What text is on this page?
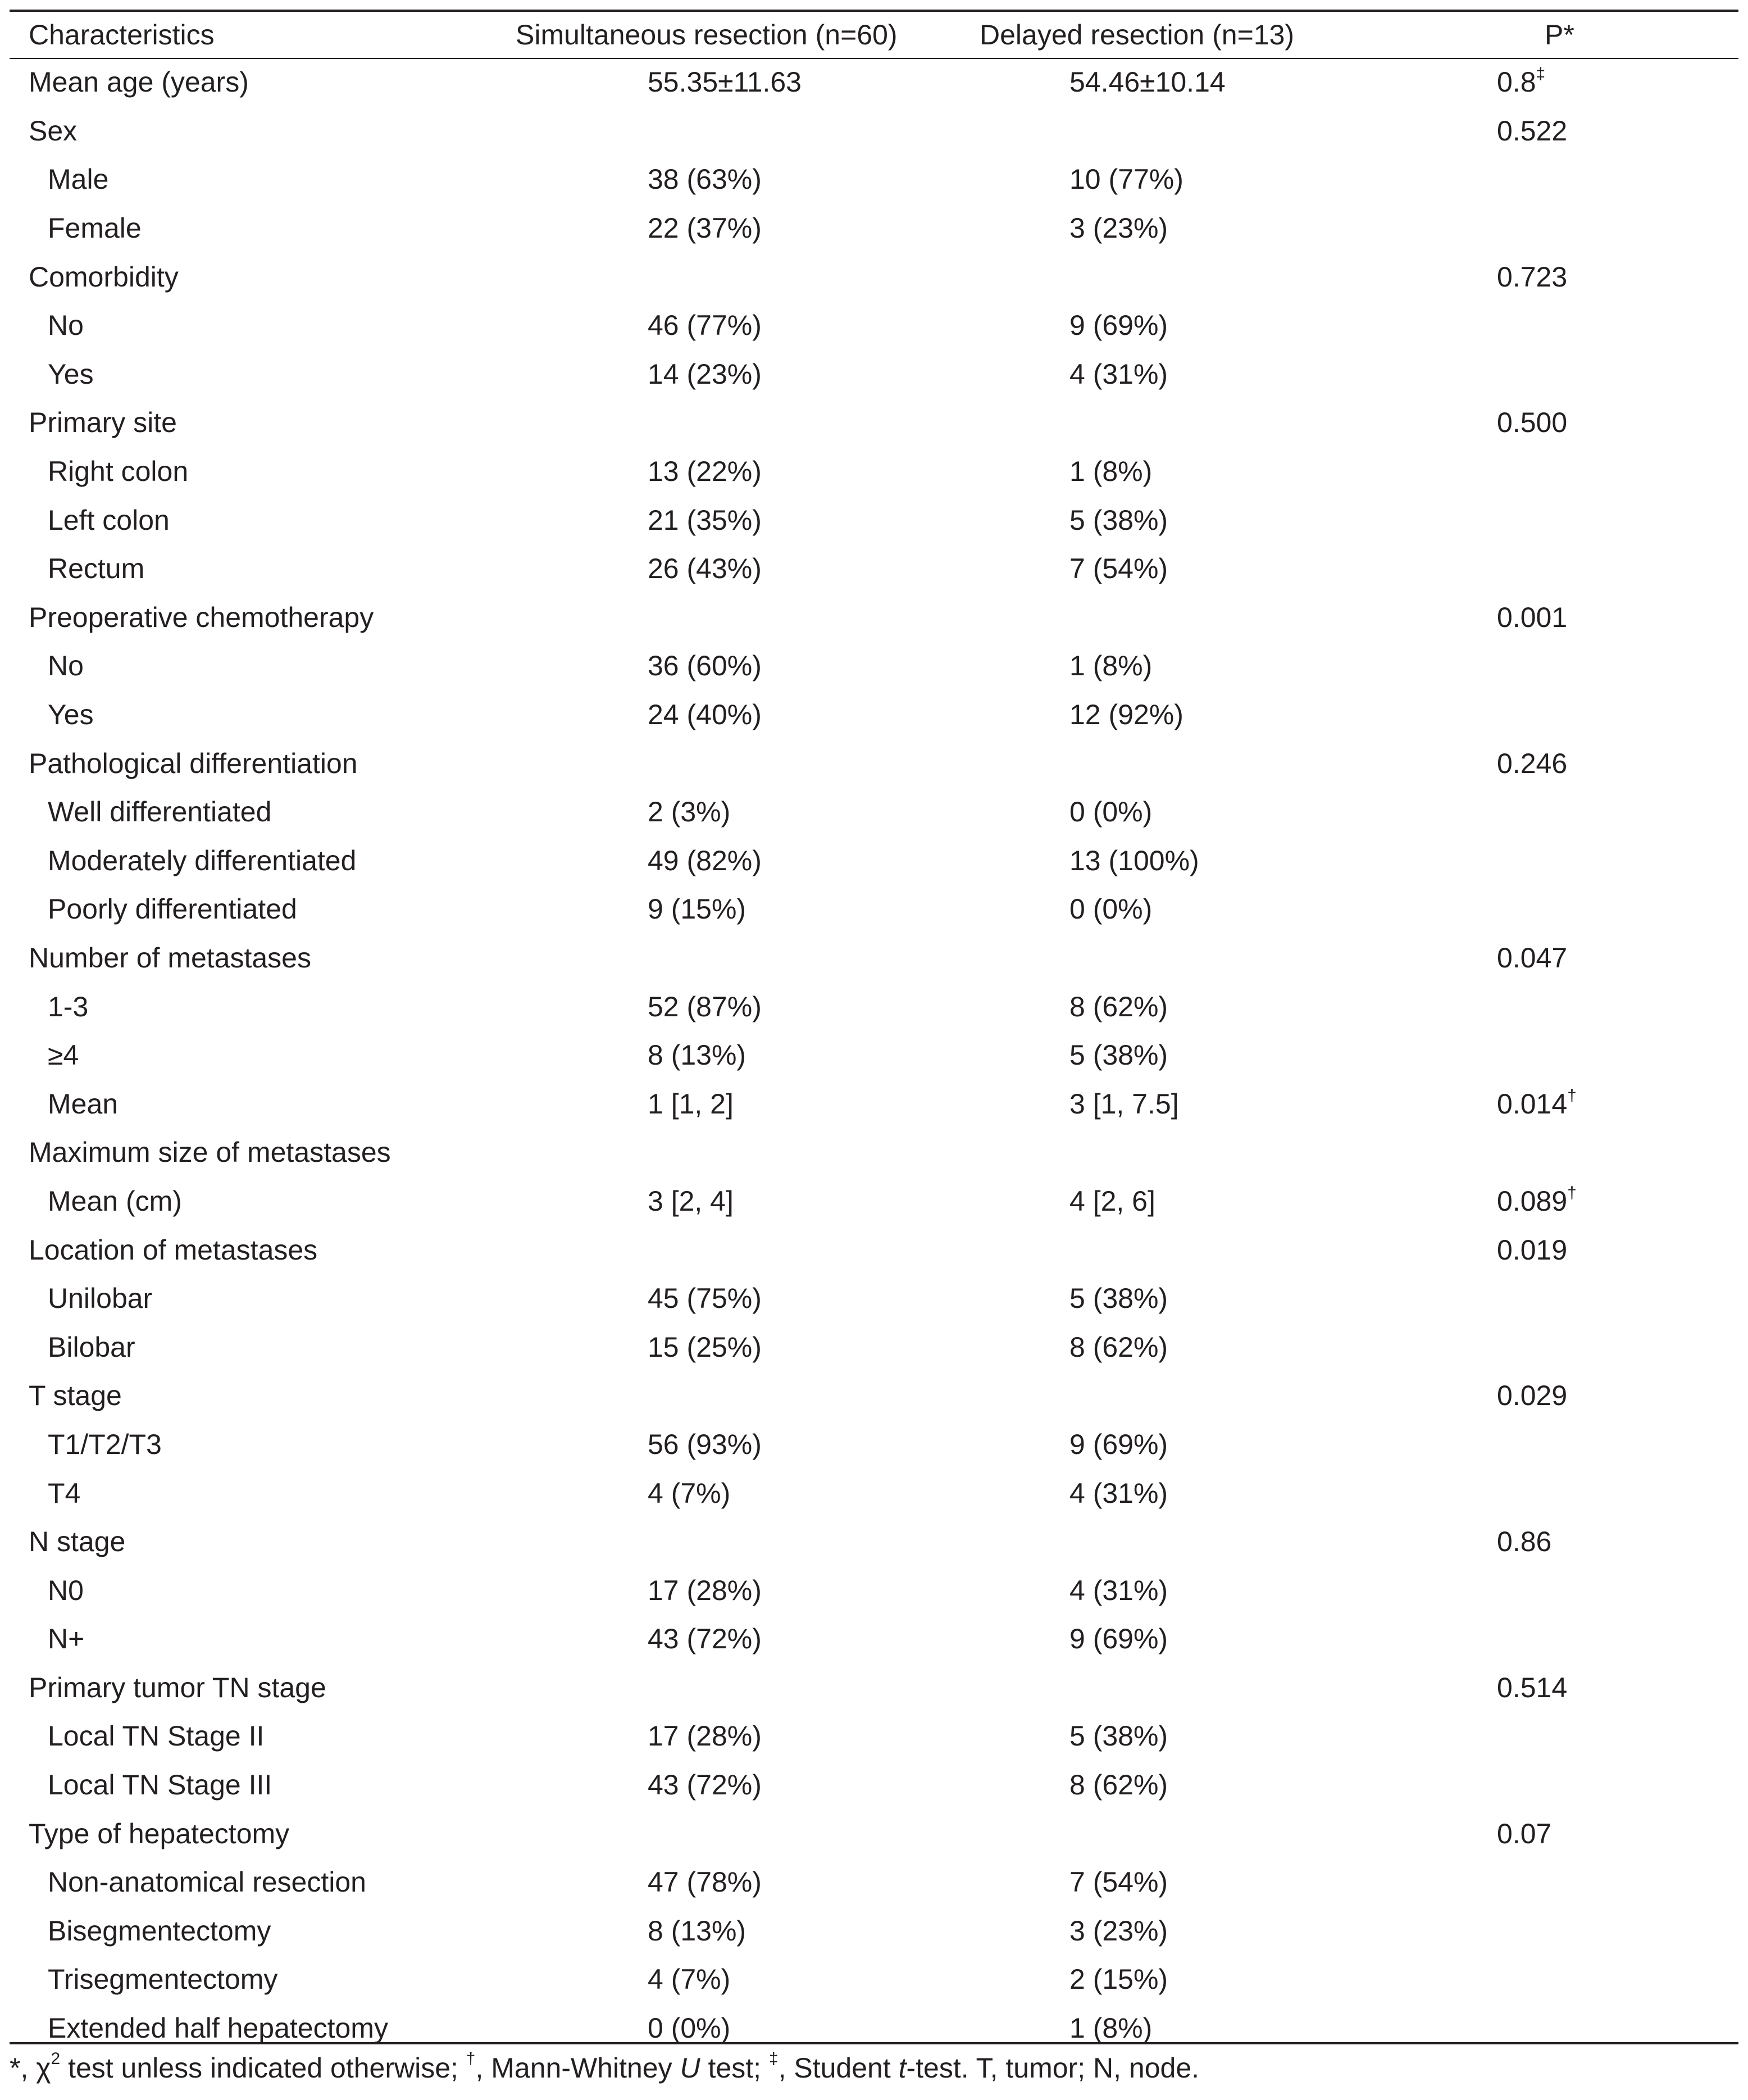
Characteristics	Simultaneous resection (n=60)	Delayed resection (n=13)	P*
Mean age (years)	55.35±11.63	54.46±10.14	0.8‡
Sex			0.522
Male	38 (63%)	10 (77%)	
Female	22 (37%)	3 (23%)	
Comorbidity			0.723
No	46 (77%)	9 (69%)	
Yes	14 (23%)	4 (31%)	
Primary site			0.500
Right colon	13 (22%)	1 (8%)	
Left colon	21 (35%)	5 (38%)	
Rectum	26 (43%)	7 (54%)	
Preoperative chemotherapy			0.001
No	36 (60%)	1 (8%)	
Yes	24 (40%)	12 (92%)	
Pathological differentiation			0.246
Well differentiated	2 (3%)	0 (0%)	
Moderately differentiated	49 (82%)	13 (100%)	
Poorly differentiated	9 (15%)	0 (0%)	
Number of metastases			0.047
1-3	52 (87%)	8 (62%)	
≥4	8 (13%)	5 (38%)	
Mean	1 [1, 2]	3 [1, 7.5]	0.014†
Maximum size of metastases			
Mean (cm)	3 [2, 4]	4 [2, 6]	0.089†
Location of metastases			0.019
Unilobar	45 (75%)	5 (38%)	
Bilobar	15 (25%)	8 (62%)	
T stage			0.029
T1/T2/T3	56 (93%)	9 (69%)	
T4	4 (7%)	4 (31%)	
N stage			0.86
N0	17 (28%)	4 (31%)	
N+	43 (72%)	9 (69%)	
Primary tumor TN stage			0.514
Local TN Stage II	17 (28%)	5 (38%)	
Local TN Stage III	43 (72%)	8 (62%)	
Type of hepatectomy			0.07
Non-anatomical resection	47 (78%)	7 (54%)	
Bisegmentectomy	8 (13%)	3 (23%)	
Trisegmentectomy	4 (7%)	2 (15%)	
Extended half hepatectomy	0 (0%)	1 (8%)	
*, $\chi^2$ test unless indicated otherwise; †, Mann-Whitney U test; ‡, Student t-test. T, tumor; N, node.
